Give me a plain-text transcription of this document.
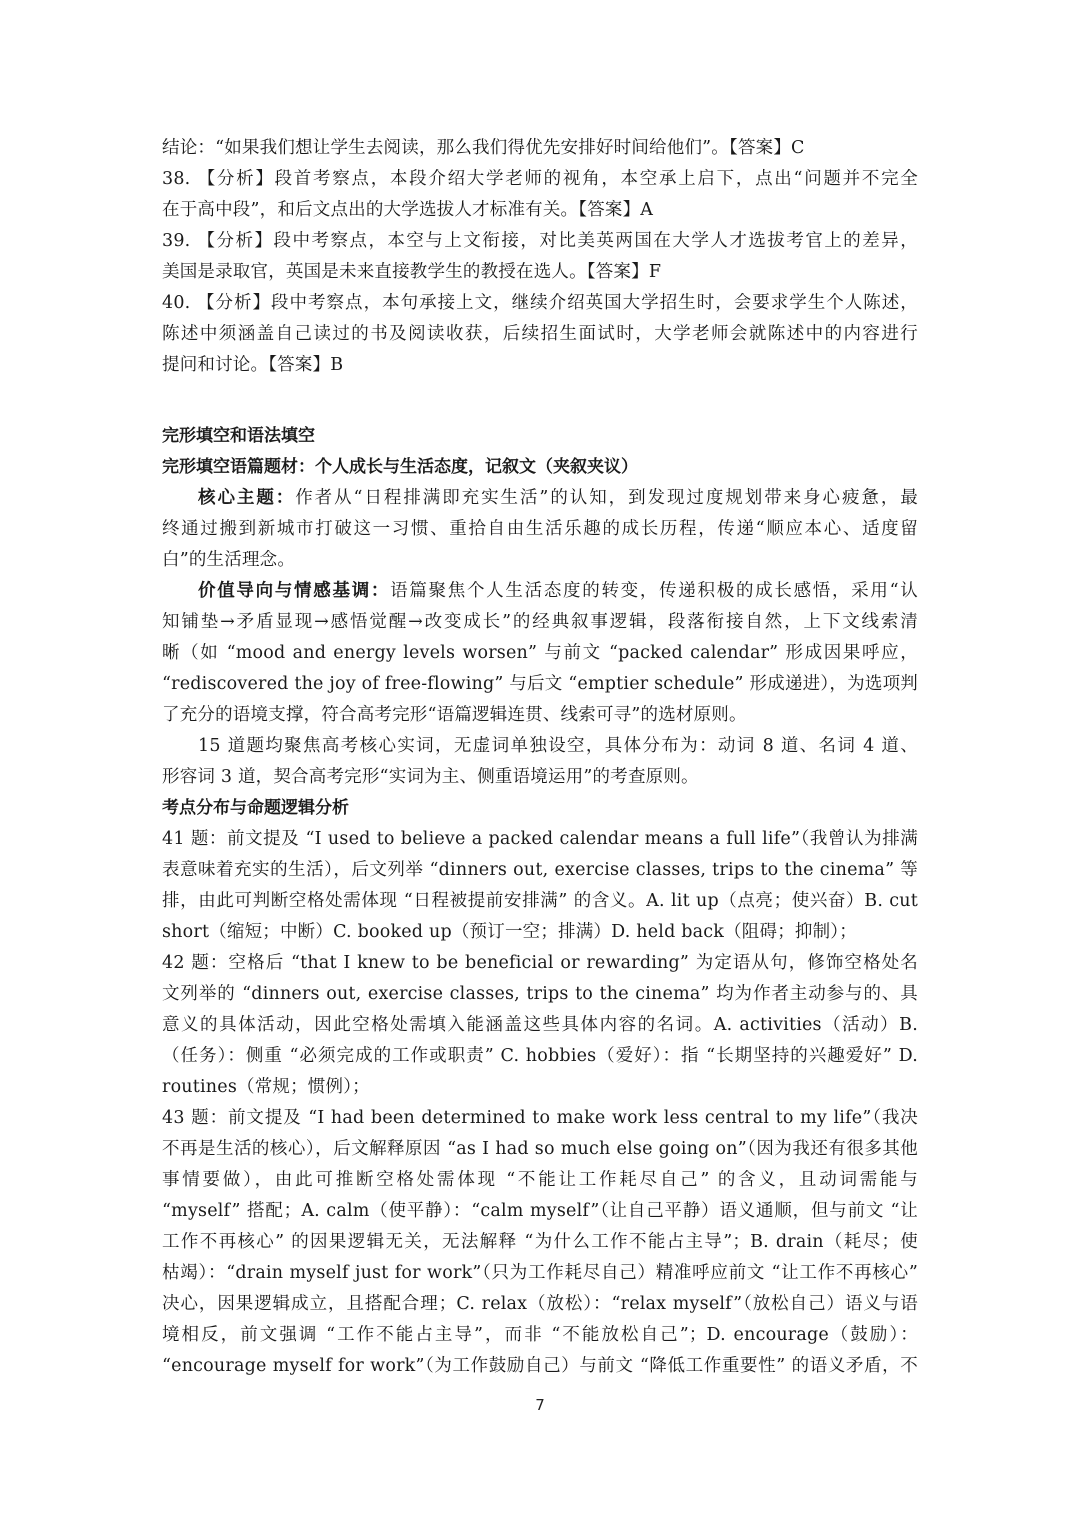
结论：“如果我们想让学生去阅读，那么我们得优先安排好时间给他们”。【答案】C
38. 【分析】段首考察点，本段介绍大学老师的视角，本空承上启下，点出“问题并不完全
在于高中段”，和后文点出的大学选拔人才标准有关。【答案】A
39. 【分析】段中考察点，本空与上文衔接，对比美英两国在大学人才选拔考官上的差异，
美国是录取官，英国是未来直接教学生的教授在选人。【答案】F
40. 【分析】段中考察点，本句承接上文，继续介绍英国大学招生时，会要求学生个人陈述，
陈述中须涵盖自己读过的书及阅读收获，后续招生面试时，大学老师会就陈述中的内容进行
提问和讨论。【答案】B
完形填空和语法填空
完形填空语篇题材：个人成长与生活态度，记叙文（夹叙夹议）
核心主题：作者从“日程排满即充实生活”的认知，到发现过度规划带来身心疲惫，最
终通过搬到新城市打破这一习惯、重拾自由生活乐趣的成长历程，传递“顺应本心、适度留
白”的生活理念。
价值导向与情感基调：语篇聚焦个人生活态度的转变，传递积极的成长感悟，采用“认
知铺垫→矛盾显现→感悟觉醒→改变成长”的经典叙事逻辑，段落衔接自然，上下文线索清
晰（如 “mood and energy levels worsen” 与前文 “packed calendar” 形成因果呼应，
“rediscovered the joy of free-flowing” 与后文 “emptier schedule” 形成递进），为选项判
了充分的语境支撑，符合高考完形“语篇逻辑连贯、线索可寻”的选材原则。
15 道题均聚焦高考核心实词，无虚词单独设空，具体分布为：动词 8 道、名词 4 道、
形容词 3 道，契合高考完形“实词为主、侧重语境运用”的考查原则。
考点分布与命题逻辑分析
41 题：前文提及 “I used to believe a packed calendar means a full life”（我曾认为排满
表意味着充实的生活），后文列举 “dinners out, exercise classes, trips to the cinema” 等
排，由此可判断空格处需体现 “日程被提前安排满” 的含义。A. lit up（点亮；使兴奋）B. cut
short（缩短；中断）C. booked up（预订一空；排满）D. held back（阻碍；抑制）；
42 题：空格后 “that I knew to be beneficial or rewarding” 为定语从句，修饰空格处名
文列举的 “dinners out, exercise classes, trips to the cinema” 均为作者主动参与的、具
意义的具体活动，因此空格处需填入能涵盖这些具体内容的名词。A. activities（活动）B.
（任务）：侧重 “必须完成的工作或职责” C. hobbies（爱好）：指 “长期坚持的兴趣爱好” D.
routines（常规；惯例）；
43 题：前文提及 “I had been determined to make work less central to my life”（我决
不再是生活的核心），后文解释原因 “as I had so much else going on”（因为我还有很多其他
事情要做），由此可推断空格处需体现 “不能让工作耗尽自己” 的含义，且动词需能与
“myself” 搭配；A. calm（使平静）：“calm myself”（让自己平静）语义通顺，但与前文 “让
工作不再核心” 的因果逻辑无关，无法解释 “为什么工作不能占主导”；B. drain（耗尽；使
枯竭）：“drain myself just for work”（只为工作耗尽自己）精准呼应前文 “让工作不再核心”
决心，因果逻辑成立，且搭配合理；C. relax（放松）：“relax myself”（放松自己）语义与语
境相反，前文强调 “工作不能占主导”，而非 “不能放松自己”；D. encourage（鼓励）：
“encourage myself for work”（为工作鼓励自己）与前文 “降低工作重要性” 的语义矛盾，不
7
